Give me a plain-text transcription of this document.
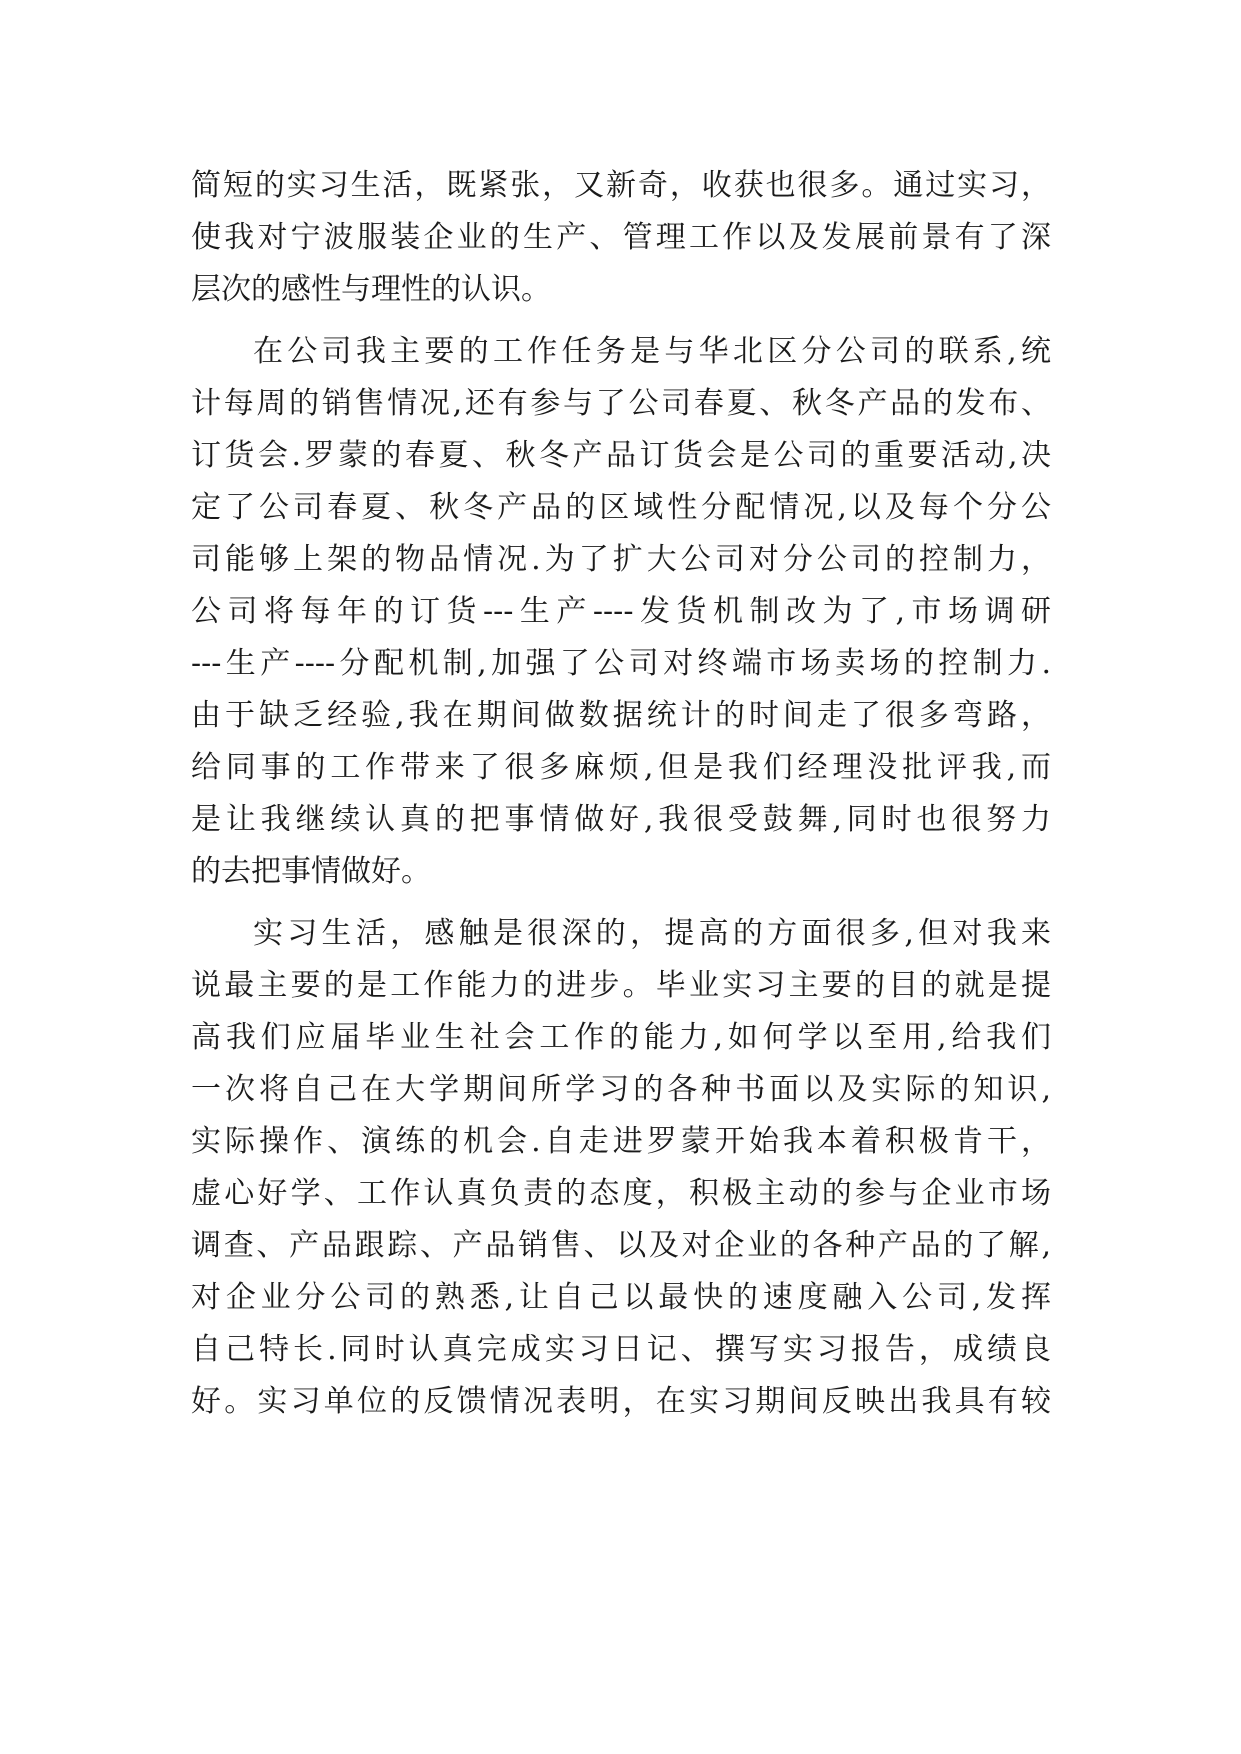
简短的实习生活，既紧张，又新奇，收获也很多。通过实习，
使我对宁波服装企业的生产、管理工作以及发展前景有了深
层次的感性与理性的认识。
在公司我主要的工作任务是与华北区分公司的联系,统
计每周的销售情况,还有参与了公司春夏、秋冬产品的发布、
订货会.罗蒙的春夏、秋冬产品订货会是公司的重要活动,决
定了公司春夏、秋冬产品的区域性分配情况,以及每个分公
司能够上架的物品情况.为了扩大公司对分公司的控制力，
公司将每年的订货---生产----发货机制改为了,市场调研
---生产----分配机制,加强了公司对终端市场卖场的控制力.
由于缺乏经验,我在期间做数据统计的时间走了很多弯路，
给同事的工作带来了很多麻烦,但是我们经理没批评我,而
是让我继续认真的把事情做好,我很受鼓舞,同时也很努力
的去把事情做好。
实习生活，感触是很深的，提高的方面很多,但对我来
说最主要的是工作能力的进步。毕业实习主要的目的就是提
高我们应届毕业生社会工作的能力,如何学以至用,给我们
一次将自己在大学期间所学习的各种书面以及实际的知识,
实际操作、演练的机会.自走进罗蒙开始我本着积极肯干，
虚心好学、工作认真负责的态度，积极主动的参与企业市场
调查、产品跟踪、产品销售、以及对企业的各种产品的了解,
对企业分公司的熟悉,让自己以最快的速度融入公司,发挥
自己特长.同时认真完成实习日记、撰写实习报告，成绩良
好。实习单位的反馈情况表明，在实习期间反映出我具有较
